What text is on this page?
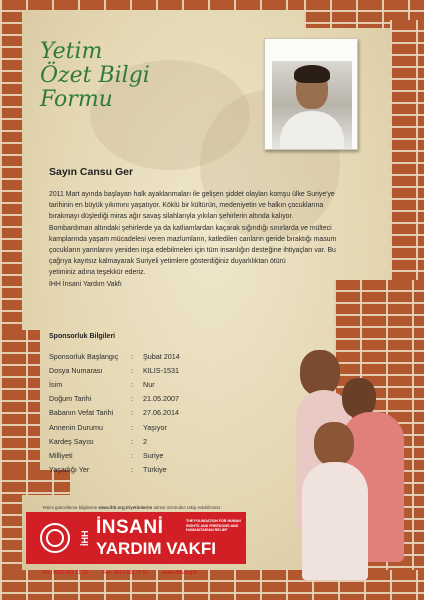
Yetim
Özet Bilgi
Formu
Sayın Cansu Ger

2011 Mart ayında başlayan halk ayaklanmaları ile gelişen şiddet olayları komşu ülke Suriye'ye

tarihinin en büyük yıkımını yaşatıyor. Köklü bir kültürün, medeniyetin ve halkın çocuklarına

bırakmayı düşlediği miras ağır savaş silahlarıyla yıkılan şehirlerin altında kalıyor.

Bombardıman altındaki şehirlerde ya da katliamlardan kaçarak sığındığı sınırlarda ve mülteci

kamplarında yaşam mücadelesi veren mazlumların, katledilen canların geride bıraktığı masum

çocukların yarınlarını yeniden inşa edebilmeleri için tüm insanlığın desteğine ihtiyaçları var. Bu

çağrıya kayıtsız kalmayarak Suriyeli yetimlere gösterdiğiniz duyarlılıktan ötürü

yetiminiz adına teşekkür ederiz.

İHH İnsani Yardım Vakfı

Sponsorluk Bilgileri
Sponsorluk Başlangıç	:	Şubat 2014
Dosya Numarası	:	KILIS-1531
İsim	:	Nur
Doğum Tarihi	:	21.05.2007
Babanın Vefat Tarihi	:	27.06.2014
Annenin Durumu	:	Yaşıyor
Kardeş Sayısı	:	2
Milliyeti	:	Suriye
Yaşadığı Yer	:	Türkiye
Yetimi güncelleme bilgilerine www.ihh.org.tr/yetimlerim adresi üzerinden takip edebilirsiniz.
İHH İNSANİ
YARDIM VAKFI
THE FOUNDATION FOR HUMAN RIGHTS AND FREEDOMS AND HUMANITARIAN RELIEF
Tel.: 0212 631 21 21	Fax: 0212 621 70 51	www.ihh.org.tr
